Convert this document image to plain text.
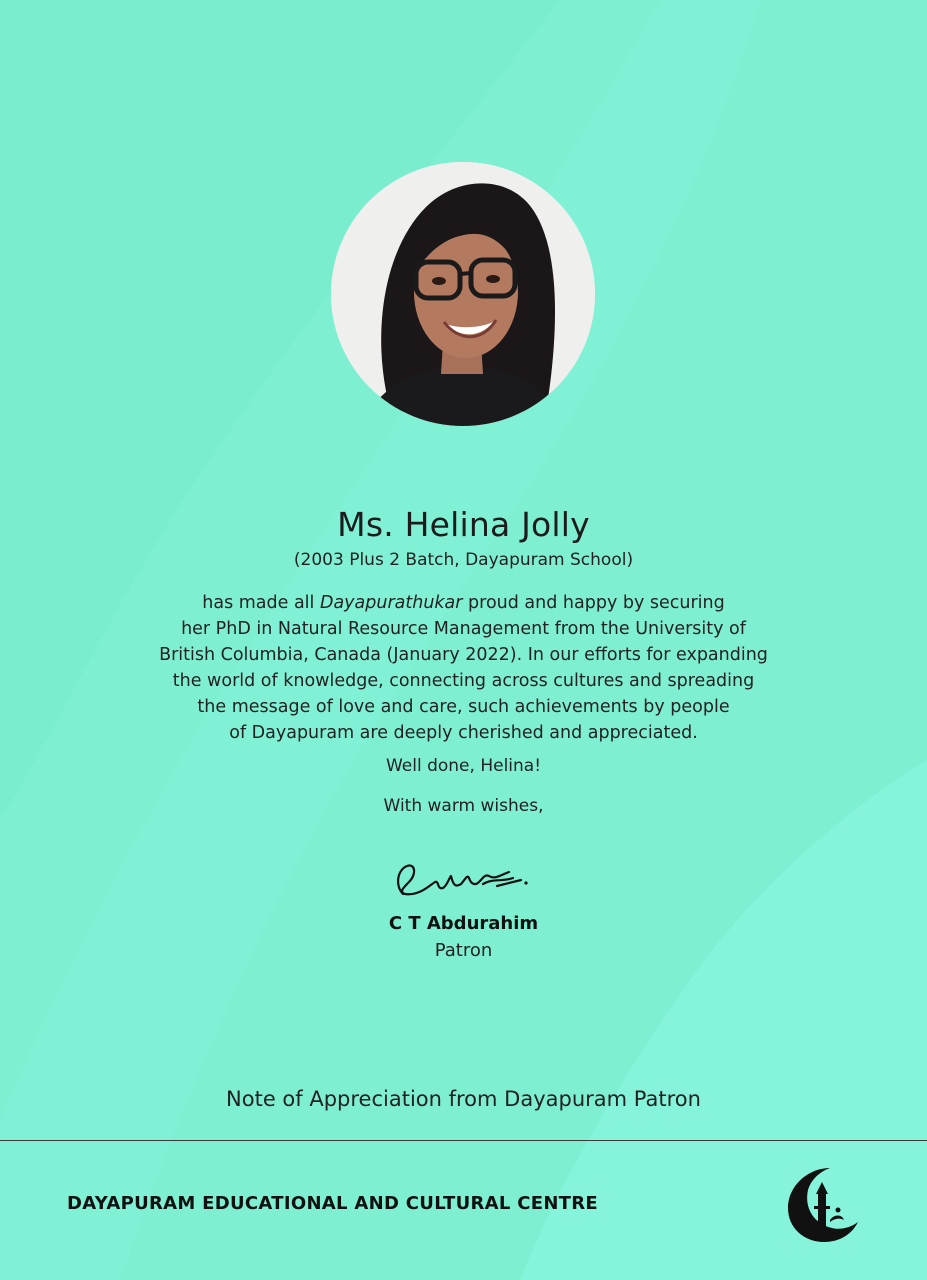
Ms. Helina Jolly
(2003 Plus 2 Batch, Dayapuram School)
has made all Dayapurathukar proud and happy by securing
her PhD in Natural Resource Management from the University of
British Columbia, Canada (January 2022). In our efforts for expanding
the world of knowledge, connecting across cultures and spreading
the message of love and care, such achievements by people
of Dayapuram are deeply cherished and appreciated.
Well done, Helina!
With warm wishes,
C T Abdurahim
Patron
Note of Appreciation from Dayapuram Patron
DAYAPURAM EDUCATIONAL AND CULTURAL CENTRE
